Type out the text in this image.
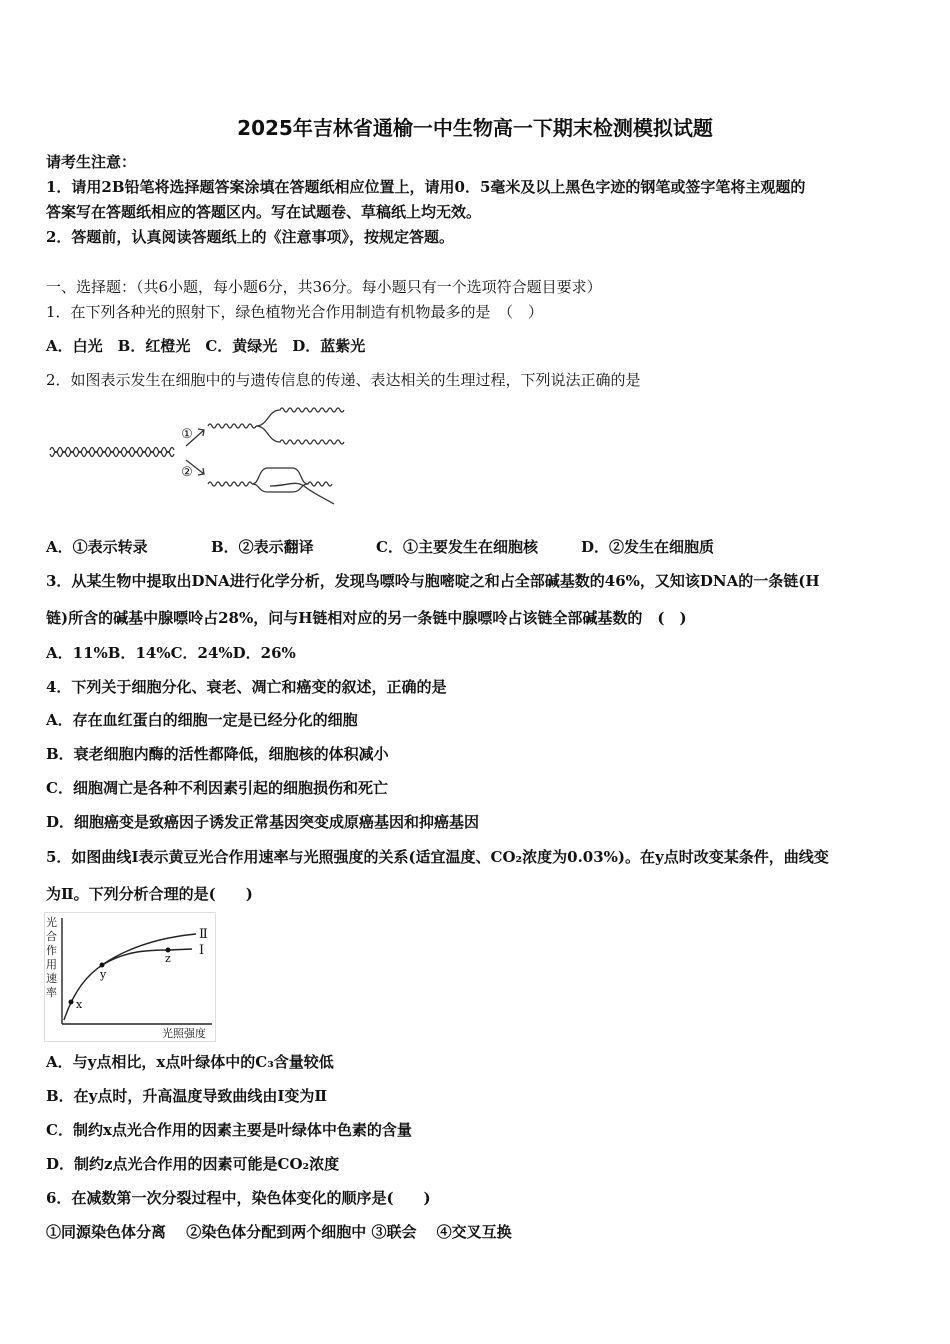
2025年吉林省通榆一中生物高一下期末检测模拟试题
请考生注意：
1．请用2B铅笔将选择题答案涂填在答题纸相应位置上，请用0．5毫米及以上黑色字迹的钢笔或签字笔将主观题的
答案写在答题纸相应的答题区内。写在试题卷、草稿纸上均无效。
2．答题前，认真阅读答题纸上的《注意事项》，按规定答题。
一、选择题：（共6小题，每小题6分，共36分。每小题只有一个选项符合题目要求）
1．在下列各种光的照射下，绿色植物光合作用制造有机物最多的是　（　）
A．白光　B．红橙光　C．黄绿光　D．蓝紫光
2．如图表示发生在细胞中的与遗传信息的传递、表达相关的生理过程，下列说法正确的是
①
②
A．①表示转录	B．②表示翻译	C．①主要发生在细胞核	D．②发生在细胞质
3．从某生物中提取出DNA进行化学分析，发现鸟嘌呤与胞嘧啶之和占全部碱基数的46%，又知该DNA的一条链(H
链)所含的碱基中腺嘌呤占28%，问与H链相对应的另一条链中腺嘌呤占该链全部碱基数的　(　)
A．11%B．14%C．24%D．26%
4．下列关于细胞分化、衰老、凋亡和癌变的叙述，正确的是
A．存在血红蛋白的细胞一定是已经分化的细胞
B．衰老细胞内酶的活性都降低，细胞核的体积减小
C．细胞凋亡是各种不利因素引起的细胞损伤和死亡
D．细胞癌变是致癌因子诱发正常基因突变成原癌基因和抑癌基因
5．如图曲线Ⅰ表示黄豆光合作用速率与光照强度的关系(适宜温度、CO₂浓度为0.03%)。在y点时改变某条件，曲线变
为Ⅱ。下列分析合理的是(　　)
光
合
作
用
速
率
光照强度
x
y
z
Ⅰ
Ⅱ
A．与y点相比，x点叶绿体中的C₃含量较低
B．在y点时，升高温度导致曲线由Ⅰ变为Ⅱ
C．制约x点光合作用的因素主要是叶绿体中色素的含量
D．制约z点光合作用的因素可能是CO₂浓度
6．在减数第一次分裂过程中，染色体变化的顺序是(　　)
①同源染色体分离　 ②染色体分配到两个细胞中 ③联会　 ④交叉互换
